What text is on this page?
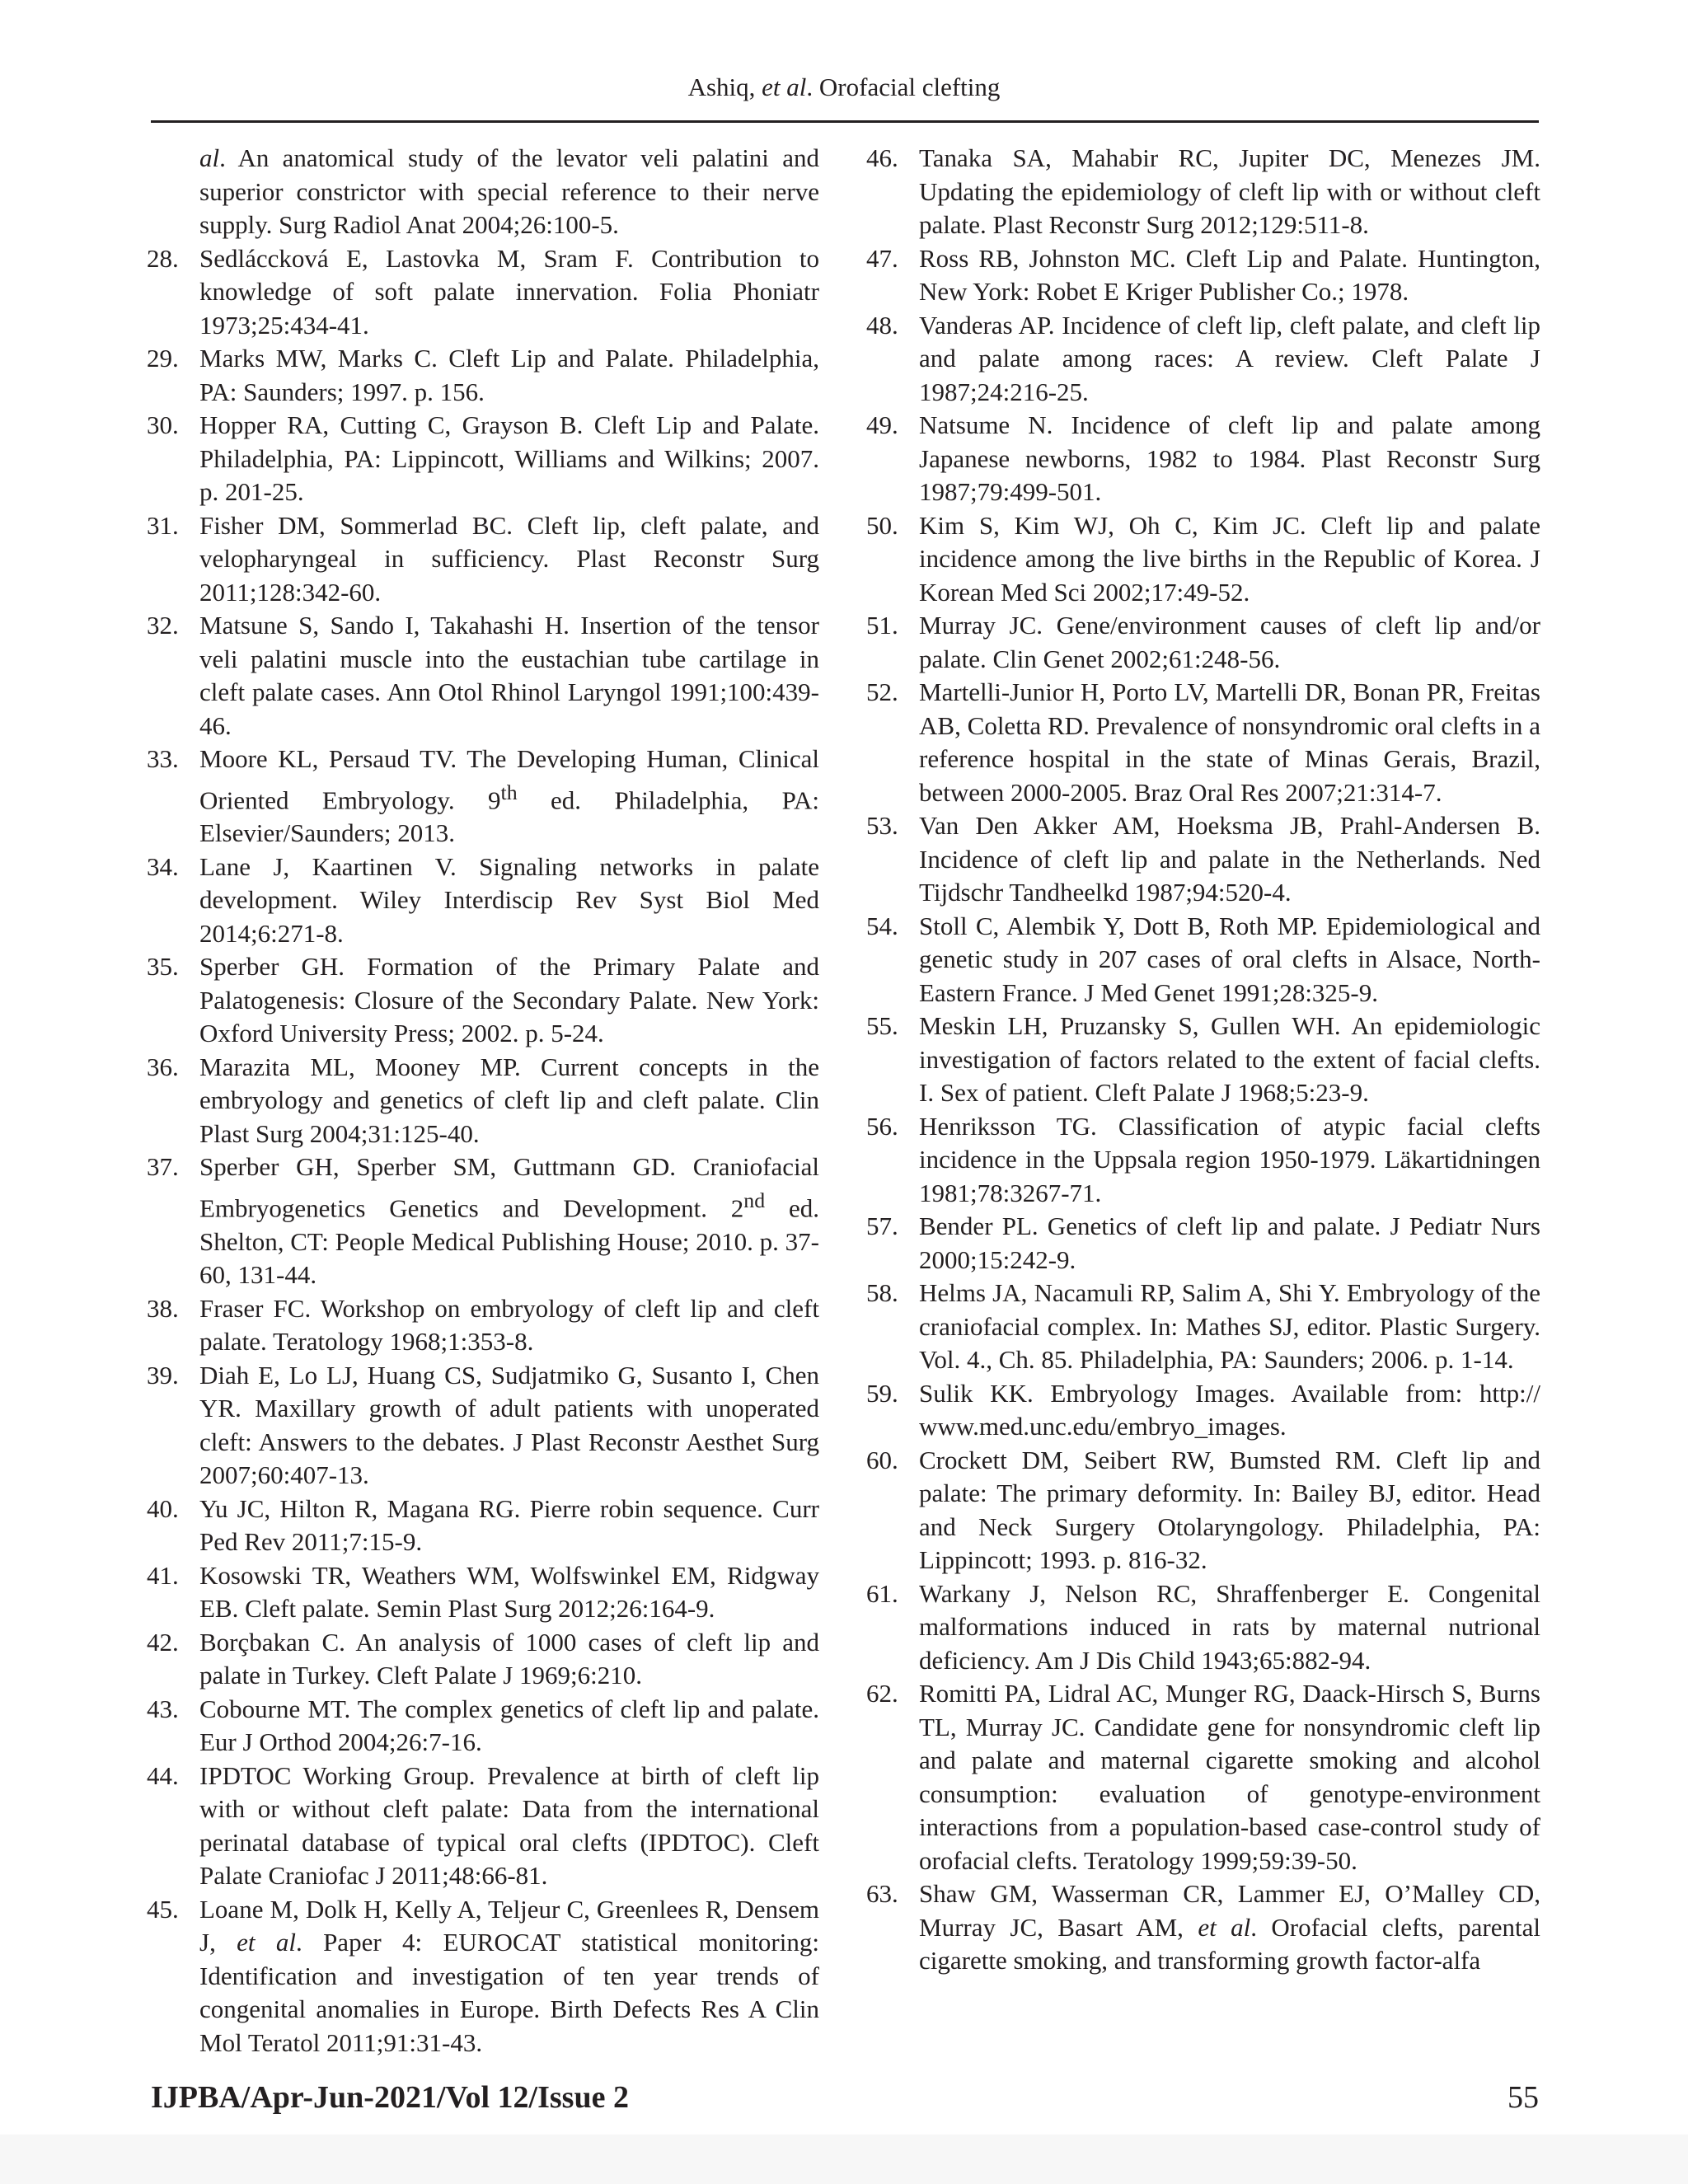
Ashiq, et al. Orofacial clefting
al. An anatomical study of the levator veli palatini and superior constrictor with special reference to their nerve supply. Surg Radiol Anat 2004;26:100-5.
28. Sedláccková E, Lastovka M, Sram F. Contribution to knowledge of soft palate innervation. Folia Phoniatr 1973;25:434-41.
29. Marks MW, Marks C. Cleft Lip and Palate. Philadelphia, PA: Saunders; 1997. p. 156.
30. Hopper RA, Cutting C, Grayson B. Cleft Lip and Palate. Philadelphia, PA: Lippincott, Williams and Wilkins; 2007. p. 201-25.
31. Fisher DM, Sommerlad BC. Cleft lip, cleft palate, and velopharyngeal in sufficiency. Plast Reconstr Surg 2011;128:342-60.
32. Matsune S, Sando I, Takahashi H. Insertion of the tensor veli palatini muscle into the eustachian tube cartilage in cleft palate cases. Ann Otol Rhinol Laryngol 1991;100:439-46.
33. Moore KL, Persaud TV. The Developing Human, Clinical Oriented Embryology. 9th ed. Philadelphia, PA: Elsevier/Saunders; 2013.
34. Lane J, Kaartinen V. Signaling networks in palate development. Wiley Interdiscip Rev Syst Biol Med 2014;6:271-8.
35. Sperber GH. Formation of the Primary Palate and Palatogenesis: Closure of the Secondary Palate. New York: Oxford University Press; 2002. p. 5-24.
36. Marazita ML, Mooney MP. Current concepts in the embryology and genetics of cleft lip and cleft palate. Clin Plast Surg 2004;31:125-40.
37. Sperber GH, Sperber SM, Guttmann GD. Craniofacial Embryogenetics Genetics and Development. 2nd ed. Shelton, CT: People Medical Publishing House; 2010. p. 37-60, 131-44.
38. Fraser FC. Workshop on embryology of cleft lip and cleft palate. Teratology 1968;1:353-8.
39. Diah E, Lo LJ, Huang CS, Sudjatmiko G, Susanto I, Chen YR. Maxillary growth of adult patients with unoperated cleft: Answers to the debates. J Plast Reconstr Aesthet Surg 2007;60:407-13.
40. Yu JC, Hilton R, Magana RG. Pierre robin sequence. Curr Ped Rev 2011;7:15-9.
41. Kosowski TR, Weathers WM, Wolfswinkel EM, Ridgway EB. Cleft palate. Semin Plast Surg 2012;26:164-9.
42. Borçbakan C. An analysis of 1000 cases of cleft lip and palate in Turkey. Cleft Palate J 1969;6:210.
43. Cobourne MT. The complex genetics of cleft lip and palate. Eur J Orthod 2004;26:7-16.
44. IPDTOC Working Group. Prevalence at birth of cleft lip with or without cleft palate: Data from the international perinatal database of typical oral clefts (IPDTOC). Cleft Palate Craniofac J 2011;48:66-81.
45. Loane M, Dolk H, Kelly A, Teljeur C, Greenlees R, Densem J, et al. Paper 4: EUROCAT statistical monitoring: Identification and investigation of ten year trends of congenital anomalies in Europe. Birth Defects Res A Clin Mol Teratol 2011;91:31-43.
46. Tanaka SA, Mahabir RC, Jupiter DC, Menezes JM. Updating the epidemiology of cleft lip with or without cleft palate. Plast Reconstr Surg 2012;129:511-8.
47. Ross RB, Johnston MC. Cleft Lip and Palate. Huntington, New York: Robet E Kriger Publisher Co.; 1978.
48. Vanderas AP. Incidence of cleft lip, cleft palate, and cleft lip and palate among races: A review. Cleft Palate J 1987;24:216-25.
49. Natsume N. Incidence of cleft lip and palate among Japanese newborns, 1982 to 1984. Plast Reconstr Surg 1987;79:499-501.
50. Kim S, Kim WJ, Oh C, Kim JC. Cleft lip and palate incidence among the live births in the Republic of Korea. J Korean Med Sci 2002;17:49-52.
51. Murray JC. Gene/environment causes of cleft lip and/or palate. Clin Genet 2002;61:248-56.
52. Martelli-Junior H, Porto LV, Martelli DR, Bonan PR, Freitas AB, Coletta RD. Prevalence of nonsyndromic oral clefts in a reference hospital in the state of Minas Gerais, Brazil, between 2000-2005. Braz Oral Res 2007;21:314-7.
53. Van Den Akker AM, Hoeksma JB, Prahl-Andersen B. Incidence of cleft lip and palate in the Netherlands. Ned Tijdschr Tandheelkd 1987;94:520-4.
54. Stoll C, Alembik Y, Dott B, Roth MP. Epidemiological and genetic study in 207 cases of oral clefts in Alsace, North-Eastern France. J Med Genet 1991;28:325-9.
55. Meskin LH, Pruzansky S, Gullen WH. An epidemiologic investigation of factors related to the extent of facial clefts. I. Sex of patient. Cleft Palate J 1968;5:23-9.
56. Henriksson TG. Classification of atypic facial clefts incidence in the Uppsala region 1950-1979. Läkartidningen 1981;78:3267-71.
57. Bender PL. Genetics of cleft lip and palate. J Pediatr Nurs 2000;15:242-9.
58. Helms JA, Nacamuli RP, Salim A, Shi Y. Embryology of the craniofacial complex. In: Mathes SJ, editor. Plastic Surgery. Vol. 4., Ch. 85. Philadelphia, PA: Saunders; 2006. p. 1-14.
59. Sulik KK. Embryology Images. Available from: http:// www.med.unc.edu/embryo_images.
60. Crockett DM, Seibert RW, Bumsted RM. Cleft lip and palate: The primary deformity. In: Bailey BJ, editor. Head and Neck Surgery Otolaryngology. Philadelphia, PA: Lippincott; 1993. p. 816-32.
61. Warkany J, Nelson RC, Shraffenberger E. Congenital malformations induced in rats by maternal nutrional deficiency. Am J Dis Child 1943;65:882-94.
62. Romitti PA, Lidral AC, Munger RG, Daack-Hirsch S, Burns TL, Murray JC. Candidate gene for nonsyndromic cleft lip and palate and maternal cigarette smoking and alcohol consumption: evaluation of genotype-environment interactions from a population-based case-control study of orofacial clefts. Teratology 1999;59:39-50.
63. Shaw GM, Wasserman CR, Lammer EJ, O’Malley CD, Murray JC, Basart AM, et al. Orofacial clefts, parental cigarette smoking, and transforming growth factor-alfa
IJPBA/Apr-Jun-2021/Vol 12/Issue 2	55
